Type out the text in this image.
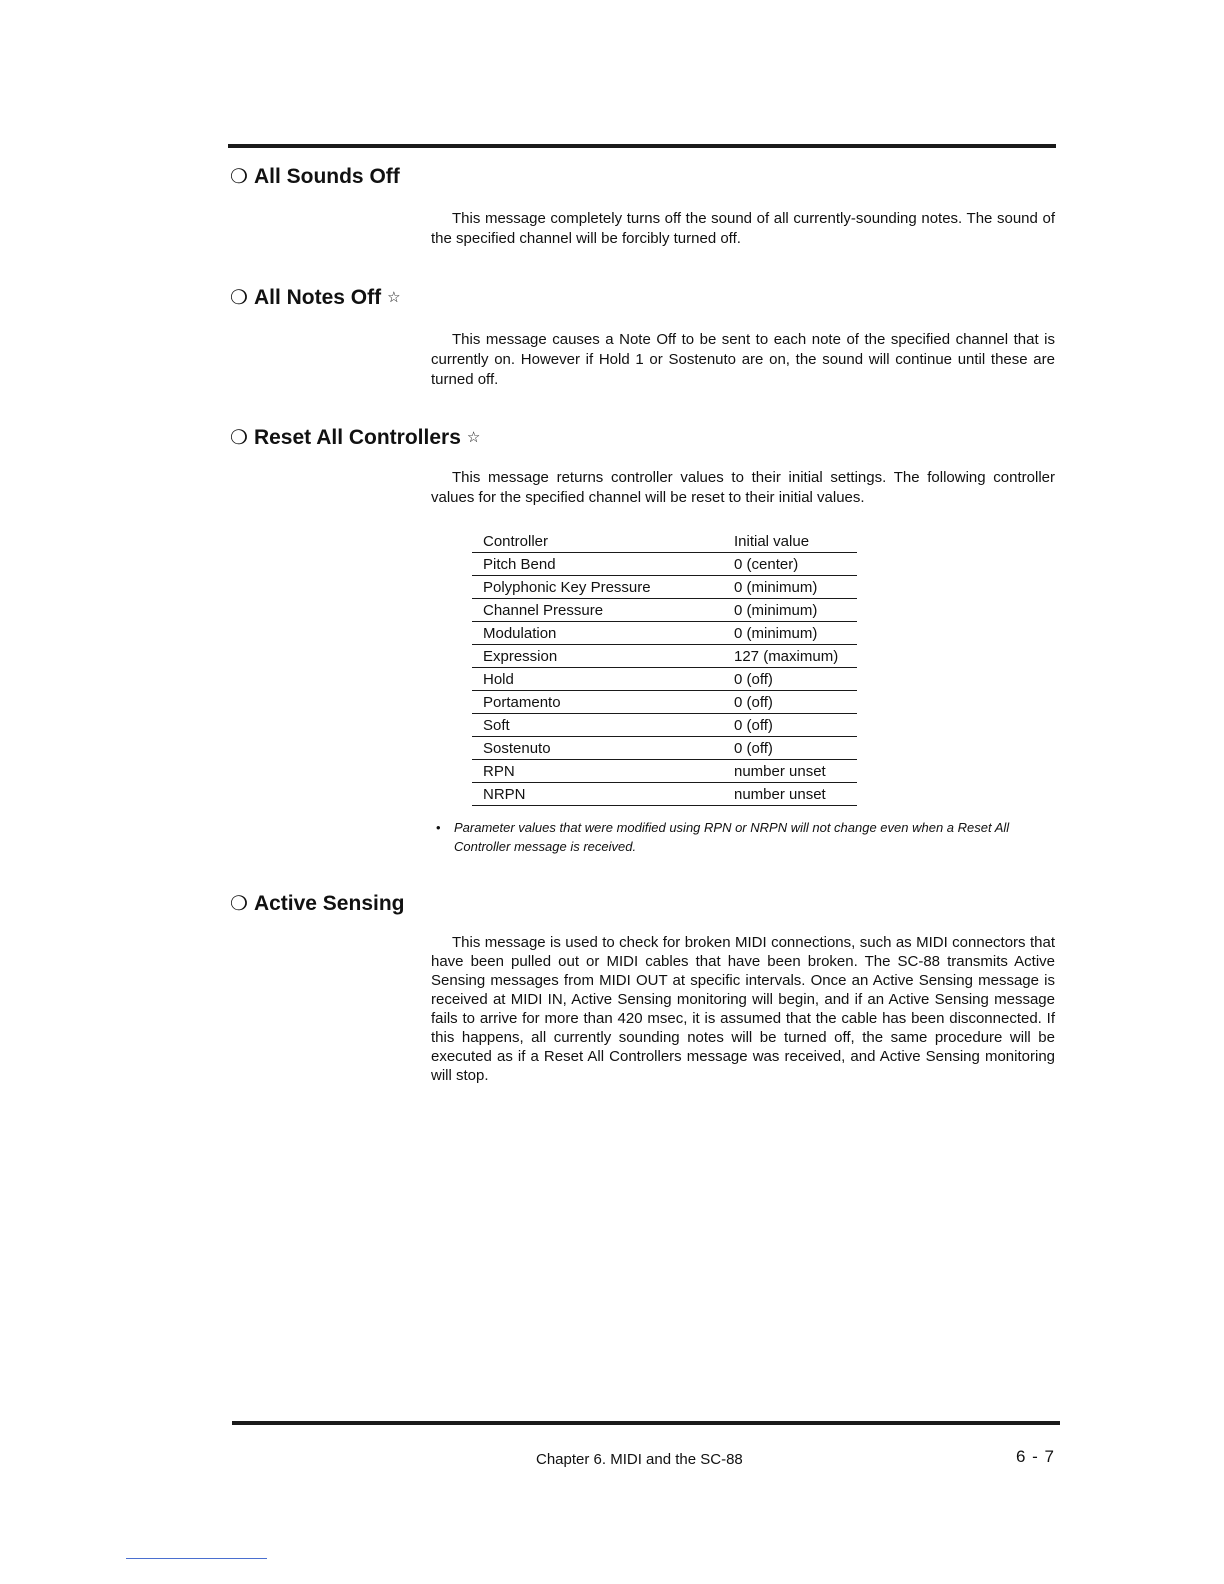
❍ All Sounds Off

This message completely turns off the sound of all currently-sounding notes. The sound of the specified channel will be forcibly turned off.

❍ All Notes Off ☆

This message causes a Note Off to be sent to each note of the specified channel that is currently on. However if Hold 1 or Sostenuto are on, the sound will continue until these are turned off.

❍ Reset All Controllers ☆

This message returns controller values to their initial settings. The following controller values for the specified channel will be reset to their initial values.

Controller	Initial value
Pitch Bend	0 (center)
Polyphonic Key Pressure	0 (minimum)
Channel Pressure	0 (minimum)
Modulation	0 (minimum)
Expression	127 (maximum)
Hold	0 (off)
Portamento	0 (off)
Soft	0 (off)
Sostenuto	0 (off)
RPN	number unset
NRPN	number unset

•	Parameter values that were modified using RPN or NRPN will not change even when a Reset All Controller message is received.

❍ Active Sensing

This message is used to check for broken MIDI connections, such as MIDI connectors that have been pulled out or MIDI cables that have been broken. The SC-88 transmits Active Sensing messages from MIDI OUT at specific intervals. Once an Active Sensing message is received at MIDI IN, Active Sensing monitoring will begin, and if an Active Sensing message fails to arrive for more than 420 msec, it is assumed that the cable has been disconnected. If this happens, all currently sounding notes will be turned off, the same procedure will be executed as if a Reset All Controllers message was received, and Active Sensing monitoring will stop.

Chapter 6. MIDI and the SC-88	6 - 7
